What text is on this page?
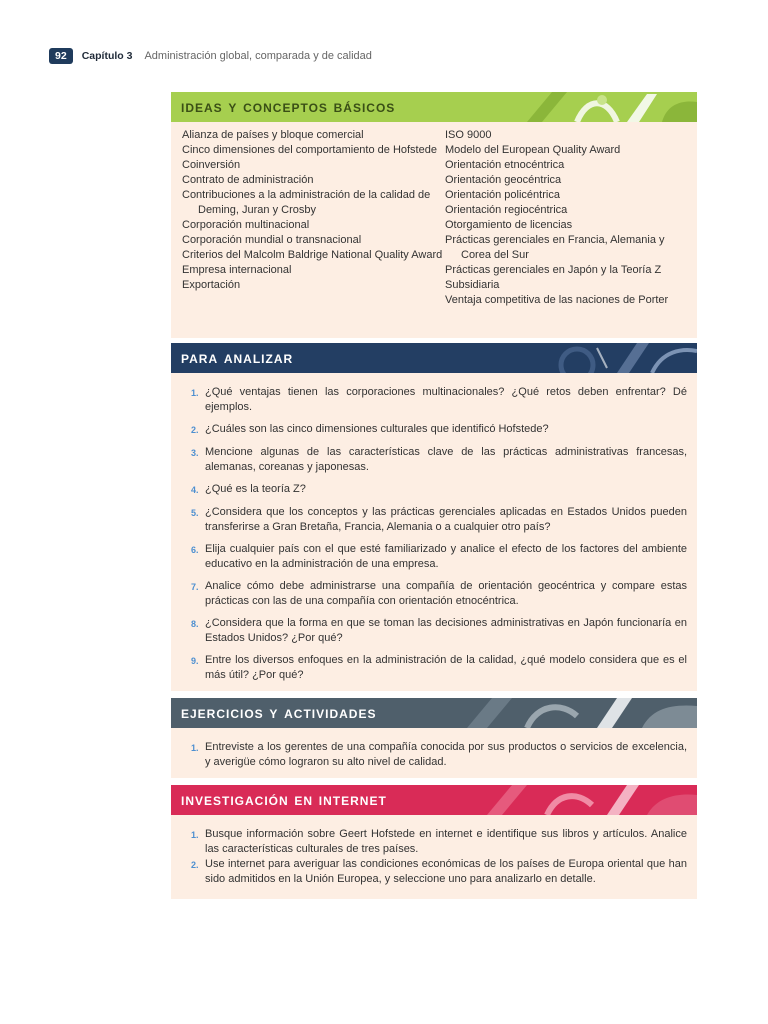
92	Capítulo 3 Administración global, comparada y de calidad
ideas y conceptos básicos
Alianza de países y bloque comercial
Cinco dimensiones del comportamiento de Hofstede
Coinversión
Contrato de administración
Contribuciones a la administración de la calidad de Deming, Juran y Crosby
Corporación multinacional
Corporación mundial o transnacional
Criterios del Malcolm Baldrige National Quality Award
Empresa internacional
Exportación
ISO 9000
Modelo del European Quality Award
Orientación etnocéntrica
Orientación geocéntrica
Orientación policéntrica
Orientación regiocéntrica
Otorgamiento de licencias
Prácticas gerenciales en Francia, Alemania y Corea del Sur
Prácticas gerenciales en Japón y la Teoría Z
Subsidiaria
Ventaja competitiva de las naciones de Porter
para analizar
1. ¿Qué ventajas tienen las corporaciones multinacionales? ¿Qué retos deben enfrentar? Dé ejemplos.
2. ¿Cuáles son las cinco dimensiones culturales que identificó Hofstede?
3. Mencione algunas de las características clave de las prácticas administrativas francesas, alemanas, coreanas y japonesas.
4. ¿Qué es la teoría Z?
5. ¿Considera que los conceptos y las prácticas gerenciales aplicadas en Estados Unidos pueden transferirse a Gran Bretaña, Francia, Alemania o a cualquier otro país?
6. Elija cualquier país con el que esté familiarizado y analice el efecto de los factores del ambiente educativo en la administración de una empresa.
7. Analice cómo debe administrarse una compañía de orientación geocéntrica y compare estas prácticas con las de una compañía con orientación etnocéntrica.
8. ¿Considera que la forma en que se toman las decisiones administrativas en Japón funcionaría en Estados Unidos? ¿Por qué?
9. Entre los diversos enfoques en la administración de la calidad, ¿qué modelo considera que es el más útil? ¿Por qué?
ejercicios y actividades
1. Entreviste a los gerentes de una compañía conocida por sus productos o servicios de excelencia, y averigüe cómo lograron su alto nivel de calidad.
investigación en internet
1. Busque información sobre Geert Hofstede en internet e identifique sus libros y artículos. Analice las características culturales de tres países.
2. Use internet para averiguar las condiciones económicas de los países de Europa oriental que han sido admitidos en la Unión Europea, y seleccione uno para analizarlo en detalle.
